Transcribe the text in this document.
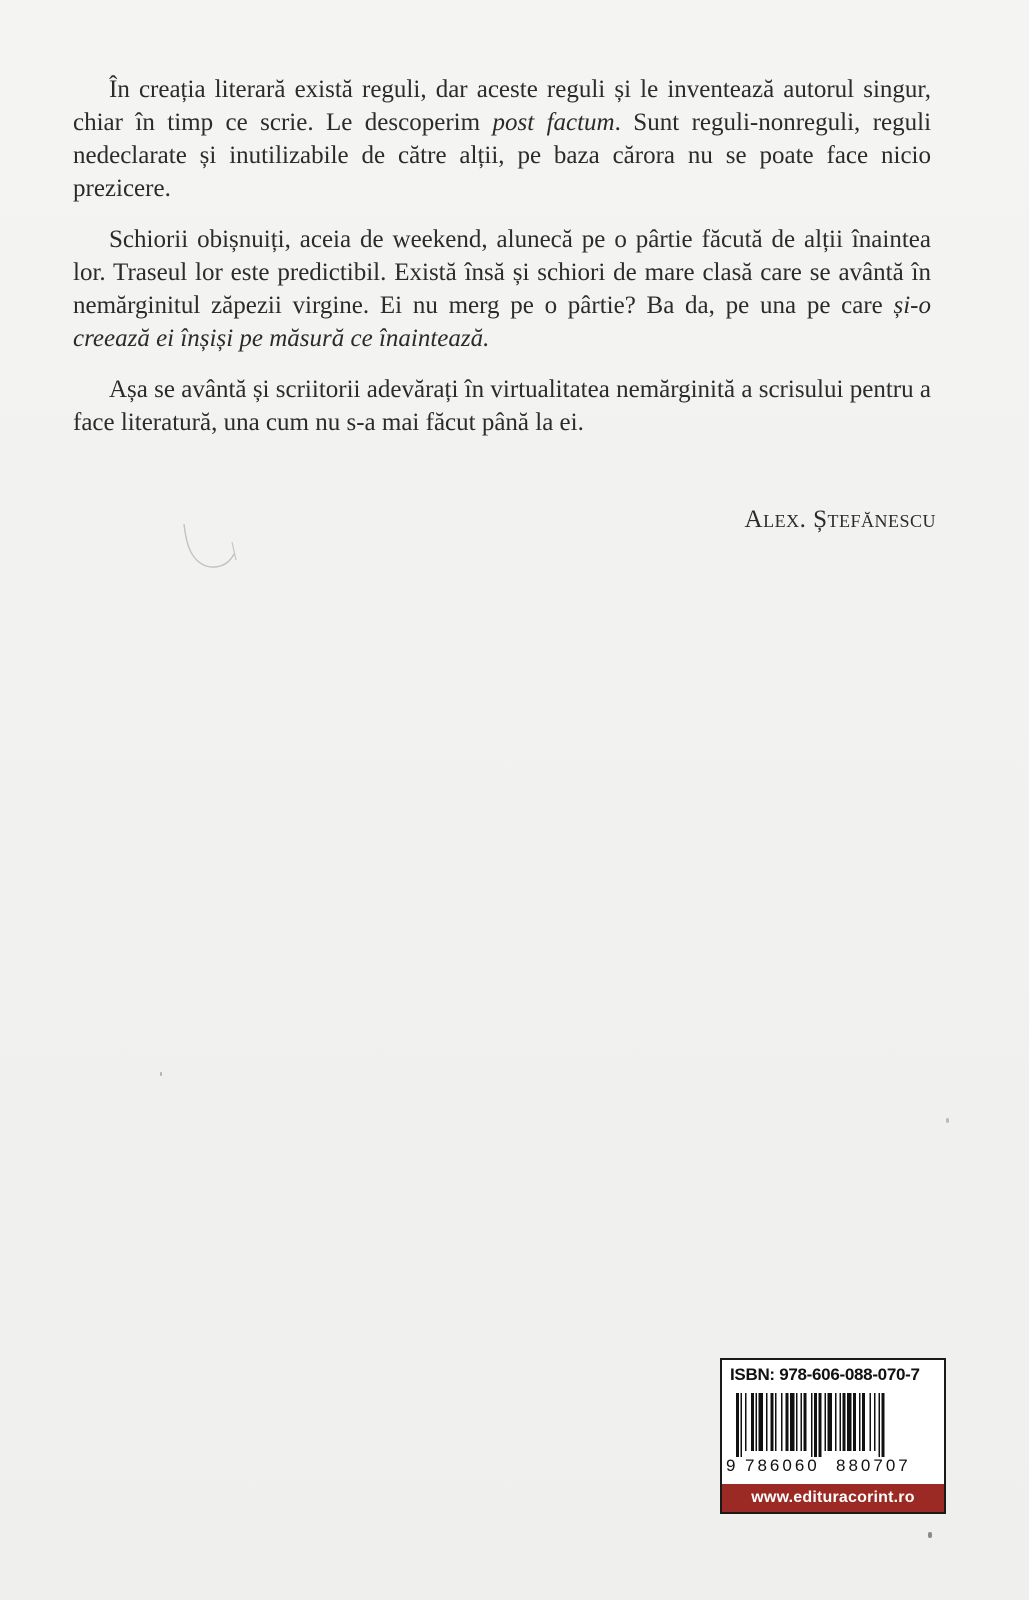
În creația literară există reguli, dar aceste reguli și le inventează autorul singur, chiar în timp ce scrie. Le descoperim post factum. Sunt reguli-nonreguli, reguli nedeclarate și inutilizabile de către alții, pe baza cărora nu se poate face nicio prezicere.

Schiorii obișnuiți, aceia de weekend, alunecă pe o pârtie făcută de alții înaintea lor. Traseul lor este predictibil. Există însă și schiori de mare clasă care se avântă în nemărginitul zăpezii virgine. Ei nu merg pe o pârtie? Ba da, pe una pe care și-o creează ei înșiși pe măsură ce înaintează.

Așa se avântă și scriitorii adevărați în virtualitatea nemărginită a scrisului pentru a face literatură, una cum nu s-a mai făcut până la ei.

Alex. Ștefănescu
ISBN: 978-606-088-070-7
9 786060 880707
www.edituracorint.ro
